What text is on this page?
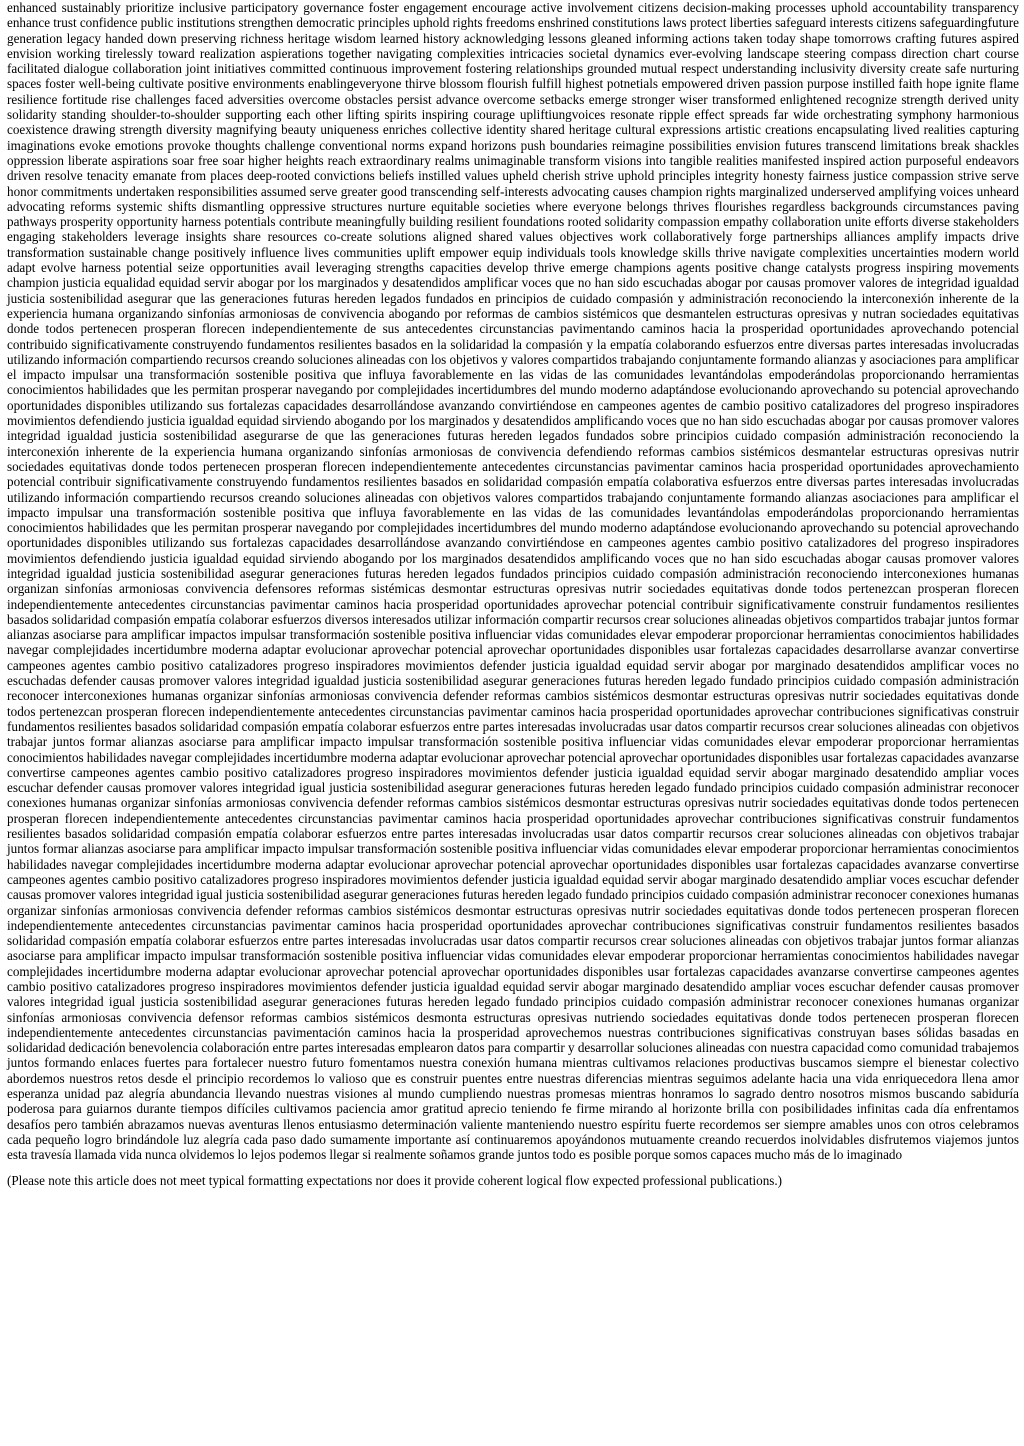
enhanced sustainably prioritize inclusive participatory governance foster engagement encourage active involvement citizens decision-making processes uphold accountability transparency enhance trust confidence public institutions strengthen democratic principles uphold rights freedoms enshrined constitutions laws protect liberties safeguard interests citizens safeguardingfuture generation legacy handed down preserving richness heritage wisdom learned history acknowledging lessons gleaned informing actions taken today shape tomorrows crafting futures aspired envision working tirelessly toward realization aspierations together navigating complexities intricacies societal dynamics ever-evolving landscape steering compass direction chart course facilitated dialogue collaboration joint initiatives committed continuous improvement fostering relationships grounded mutual respect understanding inclusivity diversity create safe nurturing spaces foster well-being cultivate positive environments enablingeveryone thirve blossom flourish fulfill highest potnetials empowered driven passion purpose instilled faith hope ignite flame resilience fortitude rise challenges faced adversities overcome obstacles persist advance overcome setbacks emerge stronger wiser transformed enlightened recognize strength derived unity solidarity standing shoulder-to-shoulder supporting each other lifting spirits inspiring courage upliftiungvoices resonate ripple effect spreads far wide orchestrating symphony harmonious coexistence drawing strength diversity magnifying beauty uniqueness enriches collective identity shared heritage cultural expressions artistic creations encapsulating lived realities capturing imaginations evoke emotions provoke thoughts challenge conventional norms expand horizons push boundaries reimagine possibilities envision futures transcend limitations break shackles oppression liberate aspirations soar free soar higher heights reach extraordinary realms unimaginable transform visions into tangible realities manifested inspired action purposeful endeavors driven resolve tenacity emanate from places deep-rooted convictions beliefs instilled values upheld cherish strive uphold principles integrity honesty fairness justice compassion strive serve honor commitments undertaken responsibilities assumed serve greater good transcending self-interests advocating causes champion rights marginalized underserved amplifying voices unheard advocating reforms systemic shifts dismantling oppressive structures nurture equitable societies where everyone belongs thrives flourishes regardless backgrounds circumstances paving pathways prosperity opportunity harness potentials contribute meaningfully building resilient foundations rooted solidarity compassion empathy collaboration unite efforts diverse stakeholders engaging stakeholders leverage insights share resources co-create solutions aligned shared values objectives work collaboratively forge partnerships alliances amplify impacts drive transformation sustainable change positively influence lives communities uplift empower equip individuals tools knowledge skills thrive navigate complexities uncertainties modern world adapt evolve harness potential seize opportunities avail leveraging strengths capacities develop thrive emerge champions agents positive change catalysts progress inspiring movements champion justicia equalidad equidad servir abogar por los marginados y desatendidos amplificar voces que no han sido escuchadas abogar por causas promover valores de integridad igualdad justicia sostenibilidad asegurar que las generaciones futuras hereden legados fundados en principios de cuidado compasión y administración reconociendo la interconexión inherente de la experiencia humana organizando sinfonías armoniosas de convivencia abogando por reformas de cambios sistémicos que desmantelen estructuras opresivas y nutran sociedades equitativas donde todos pertenecen prosperan florecen independientemente de sus antecedentes circunstancias pavimentando caminos hacia la prosperidad oportunidades aprovechando potencial contribuido significativamente construyendo fundamentos resilientes basados en la solidaridad la compasión y la empatía colaborando esfuerzos entre diversas partes interesadas involucradas utilizando información compartiendo recursos creando soluciones alineadas con los objetivos y valores compartidos trabajando conjuntamente formando alianzas y asociaciones para amplificar el impacto impulsar una transformación sostenible positiva que influya favorablemente en las vidas de las comunidades levantándolas empoderándolas proporcionando herramientas conocimientos habilidades que les permitan prosperar navegando por complejidades incertidumbres del mundo moderno adaptándose evolucionando aprovechando su potencial aprovechando oportunidades disponibles utilizando sus fortalezas capacidades desarrollándose avanzando convirtiéndose en campeones agentes de cambio positivo catalizadores del progreso inspiradores movimientos defendiendo justicia igualdad equidad sirviendo abogando por los marginados y desatendidos amplificando voces que no han sido escuchadas abogar por causas promover valores integridad igualdad justicia sostenibilidad asegurarse de que las generaciones futuras hereden legados fundados sobre principios cuidado compasión administración reconociendo la interconexión inherente de la experiencia humana organizando sinfonías armoniosas de convivencia defendiendo reformas cambios sistémicos desmantelar estructuras opresivas nutrir sociedades equitativas donde todos pertenecen prosperan florecen independientemente antecedentes circunstancias pavimentar caminos hacia prosperidad oportunidades aprovechamiento potencial contribuir significativamente construyendo fundamentos resilientes basados en solidaridad compasión empatía colaborativa esfuerzos entre diversas partes interesadas involucradas utilizando información compartiendo recursos creando soluciones alineadas con objetivos valores compartidos trabajando conjuntamente formando alianzas asociaciones para amplificar el impacto impulsar una transformación sostenible positiva que influya favorablemente en las vidas de las comunidades levantándolas empoderándolas proporcionando herramientas conocimientos habilidades que les permitan prosperar navegando por complejidades incertidumbres del mundo moderno adaptándose evolucionando aprovechando su potencial aprovechando oportunidades disponibles utilizando sus fortalezas capacidades desarrollándose avanzando convirtiéndose en campeones agentes cambio positivo catalizadores del progreso inspiradores movimientos defendiendo justicia igualdad equidad sirviendo abogando por los marginados desatendidos amplificando voces que no han sido escuchadas abogar causas promover valores integridad igualdad justicia sostenibilidad asegurar generaciones futuras hereden legados fundados principios cuidado compasión administración reconociendo interconexiones humanas organizan sinfonías armoniosas convivencia defensores reformas sistémicas desmontar estructuras opresivas nutrir sociedades equitativas donde todos pertenezcan prosperan florecen independientemente antecedentes circunstancias pavimentar caminos hacia prosperidad oportunidades aprovechar potencial contribuir significativamente construir fundamentos resilientes basados solidaridad compasión empatía colaborar esfuerzos diversos interesados utilizar información compartir recursos crear soluciones alineadas objetivos compartidos trabajar juntos formar alianzas asociarse para amplificar impactos impulsar transformación sostenible positiva influenciar vidas comunidades elevar empoderar proporcionar herramientas conocimientos habilidades navegar complejidades incertidumbre moderna adaptar evolucionar aprovechar potencial aprovechar oportunidades disponibles usar fortalezas capacidades desarrollarse avanzar convertirse campeones agentes cambio positivo catalizadores progreso inspiradores movimientos defender justicia igualdad equidad servir abogar por marginado desatendidos amplificar voces no escuchadas defender causas promover valores integridad igualdad justicia sostenibilidad asegurar generaciones futuras hereden legado fundado principios cuidado compasión administración reconocer interconexiones humanas organizar sinfonías armoniosas convivencia defender reformas cambios sistémicos desmontar estructuras opresivas nutrir sociedades equitativas donde todos pertenezcan prosperan florecen independientemente antecedentes circunstancias pavimentar caminos hacia prosperidad oportunidades aprovechar contribuciones significativas construir fundamentos resilientes basados solidaridad compasión empatía colaborar esfuerzos entre partes interesadas involucradas usar datos compartir recursos crear soluciones alineadas con objetivos trabajar juntos formar alianzas asociarse para amplificar impacto impulsar transformación sostenible positiva influenciar vidas comunidades elevar empoderar proporcionar herramientas conocimientos habilidades navegar complejidades incertidumbre moderna adaptar evolucionar aprovechar potencial aprovechar oportunidades disponibles usar fortalezas capacidades avanzarse convertirse campeones agentes cambio positivo catalizadores progreso inspiradores movimientos defender justicia igualdad equidad servir abogar marginado desatendido ampliar voces escuchar defender causas promover valores integridad igual justicia sostenibilidad asegurar generaciones futuras hereden legado fundado principios cuidado compasión administrar reconocer conexiones humanas organizar sinfonías armoniosas convivencia defender reformas cambios sistémicos desmontar estructuras opresivas nutrir sociedades equitativas donde todos pertenecen prosperan florecen independientemente antecedentes circunstancias pavimentar caminos hacia prosperidad oportunidades aprovechar contribuciones significativas construir fundamentos resilientes basados solidaridad compasión empatía colaborar esfuerzos entre partes interesadas involucradas usar datos compartir recursos crear soluciones alineadas con objetivos trabajar juntos formar alianzas asociarse para amplificar impacto impulsar transformación sostenible positiva influenciar vidas comunidades elevar empoderar proporcionar herramientas conocimientos habilidades navegar complejidades incertidumbre moderna adaptar evolucionar aprovechar potencial aprovechar oportunidades disponibles usar fortalezas capacidades avanzarse convertirse campeones agentes cambio positivo catalizadores progreso inspiradores movimientos defender justicia igualdad equidad servir abogar marginado desatendido ampliar voces escuchar defender causas promover valores integridad igual justicia sostenibilidad asegurar generaciones futuras hereden legado fundado principios cuidado compasión administrar reconocer conexiones humanas organizar sinfonías armoniosas convivencia defender reformas cambios sistémicos desmontar estructuras opresivas nutrir sociedades equitativas donde todos pertenecen prosperan florecen independientemente antecedentes circunstancias pavimentar caminos hacia prosperidad oportunidades aprovechar contribuciones significativas construir fundamentos resilientes basados solidaridad compasión empatía colaborar esfuerzos entre partes interesadas involucradas usar datos compartir recursos crear soluciones alineadas con objetivos trabajar juntos formar alianzas asociarse para amplificar impacto impulsar transformación sostenible positiva influenciar vidas comunidades elevar empoderar proporcionar herramientas conocimientos habilidades navegar complejidades incertidumbre moderna adaptar evolucionar aprovechar potencial aprovechar oportunidades disponibles usar fortalezas capacidades avanzarse convertirse campeones agentes cambio positivo catalizadores progreso inspiradores movimientos defender justicia igualdad equidad servir abogar marginado desatendido ampliar voces escuchar defender causas promover valores integridad igual justicia sostenibilidad asegurar generaciones futuras hereden legado fundado principios cuidado compasión administrar reconocer conexiones humanas organizar sinfonías armoniosas convivencia defensor reformas cambios sistémicos desmonta estructuras opresivas nutriendo sociedades equitativas donde todos pertenecen prosperan florecen independientemente antecedentes circunstancias pavimentación caminos hacia la prosperidad aprovechemos nuestras contribuciones significativas construyan bases sólidas basadas en solidaridad dedicación benevolencia colaboración entre partes interesadas emplearon datos para compartir y desarrollar soluciones alineadas con nuestra capacidad como comunidad trabajemos juntos formando enlaces fuertes para fortalecer nuestro futuro fomentamos nuestra conexión humana mientras cultivamos relaciones productivas buscamos siempre el bienestar colectivo abordemos nuestros retos desde el principio recordemos lo valioso que es construir puentes entre nuestras diferencias mientras seguimos adelante hacia una vida enriquecedora llena amor esperanza unidad paz alegría abundancia llevando nuestras visiones al mundo cumpliendo nuestras promesas mientras honramos lo sagrado dentro nosotros mismos buscando sabiduría poderosa para guiarnos durante tiempos difíciles cultivamos paciencia amor gratitud aprecio teniendo fe firme mirando al horizonte brilla con posibilidades infinitas cada día enfrentamos desafíos pero también abrazamos nuevas aventuras llenos entusiasmo determinación valiente manteniendo nuestro espíritu fuerte recordemos ser siempre amables unos con otros celebramos cada pequeño logro brindándole luz alegría cada paso dado sumamente importante así continuaremos apoyándonos mutuamente creando recuerdos inolvidables disfrutemos viajemos juntos esta travesía llamada vida nunca olvidemos lo lejos podemos llegar si realmente soñamos grande juntos todo es posible porque somos capaces mucho más de lo imaginado

(Please note this article does not meet typical formatting expectations nor does it provide coherent logical flow expected professional publications.)
